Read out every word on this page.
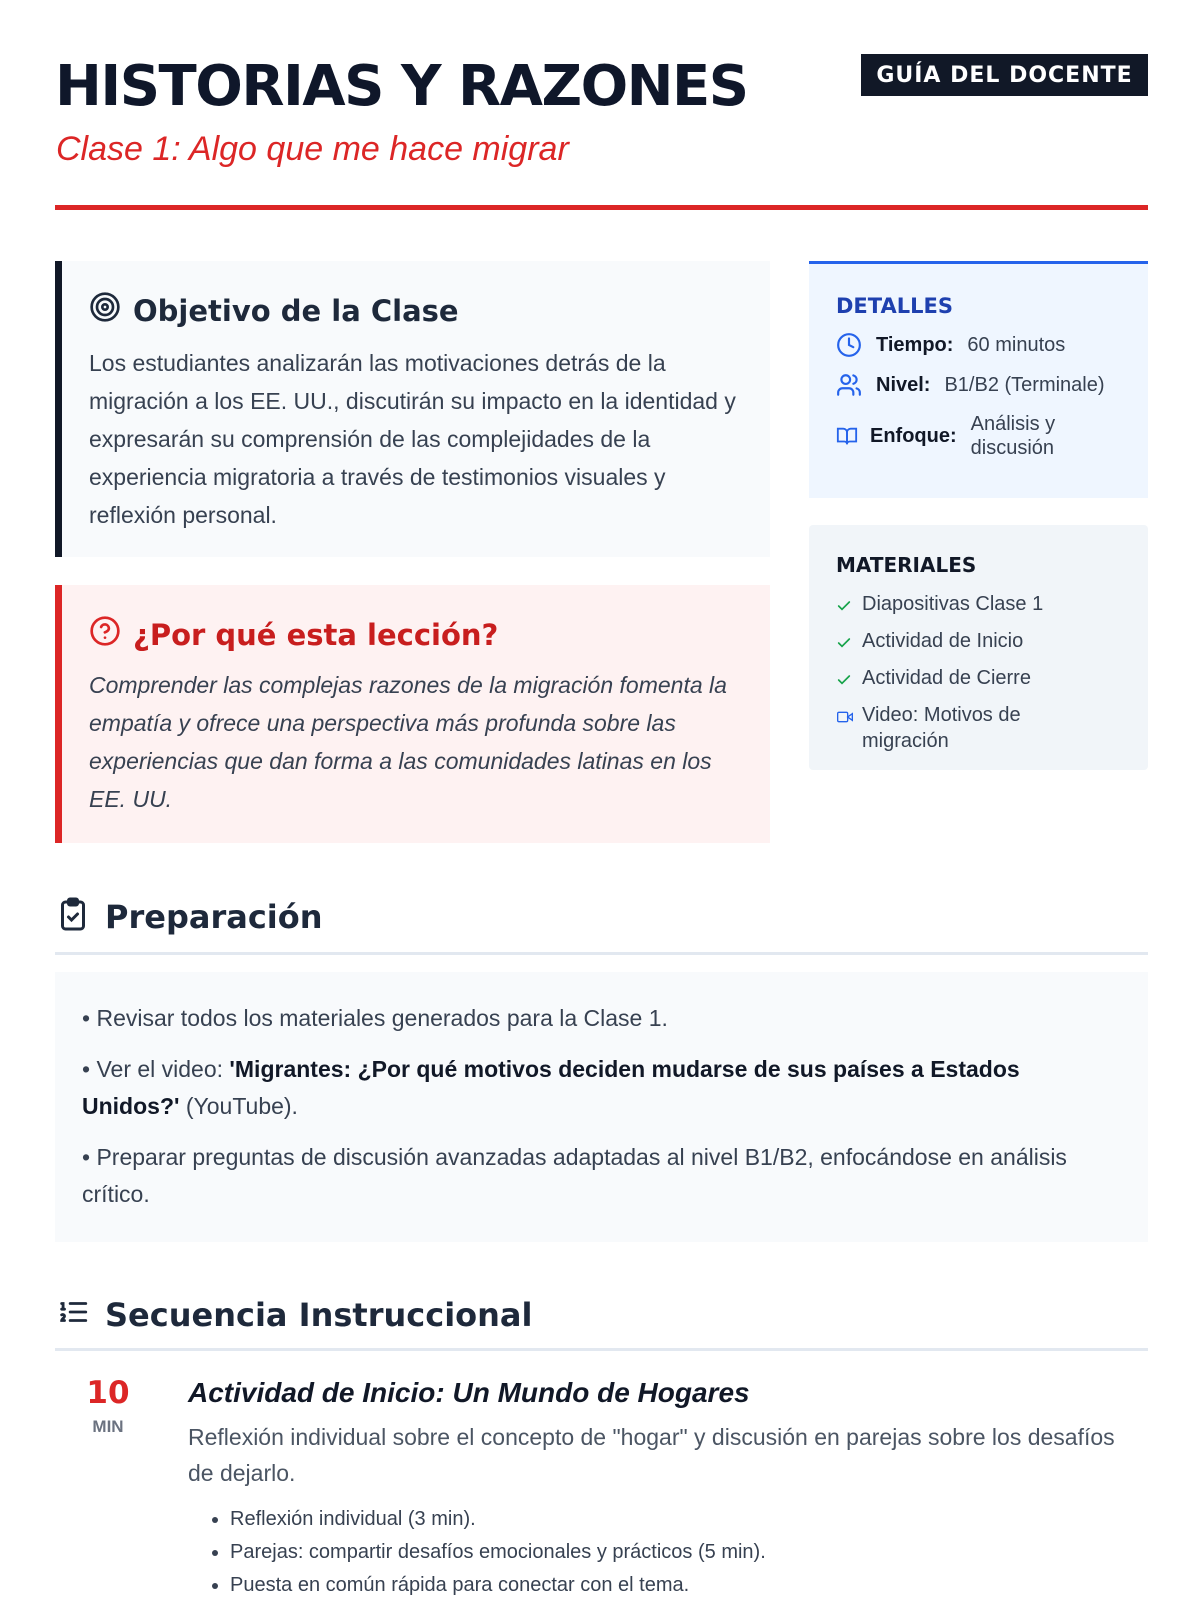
HISTORIAS Y RAZONES
Clase 1: Algo que me hace migrar
GUÍA DEL DOCENTE
Objetivo de la Clase

Los estudiantes analizarán las motivaciones detrás de la migración a los EE. UU., discutirán su impacto en la identidad y expresarán su comprensión de las complejidades de la experiencia migratoria a través de testimonios visuales y reflexión personal.

¿Por qué esta lección?

Comprender las complejas razones de la migración fomenta la empatía y ofrece una perspectiva más profunda sobre las experiencias que dan forma a las comunidades latinas en los EE. UU.

DETALLES
Tiempo: 60 minutos
Nivel: B1/B2 (Terminale)
Enfoque:
Análisis y discusión
MATERIALES
Diapositivas Clase 1
Actividad de Inicio
Actividad de Cierre
Video: Motivos de migración
Preparación

• Revisar todos los materiales generados para la Clase 1.

• Ver el video: 'Migrantes: ¿Por qué motivos deciden mudarse de sus países a Estados Unidos?' (YouTube).

• Preparar preguntas de discusión avanzadas adaptadas al nivel B1/B2, enfocándose en análisis crítico.

Secuencia Instruccional
10
MIN
Actividad de Inicio: Un Mundo de Hogares

Reflexión individual sobre el concepto de "hogar" y discusión en parejas sobre los desafíos de dejarlo.

• Reflexión individual (3 min).
• Parejas: compartir desafíos emocionales y prácticos (5 min).
• Puesta en común rápida para conectar con el tema.
